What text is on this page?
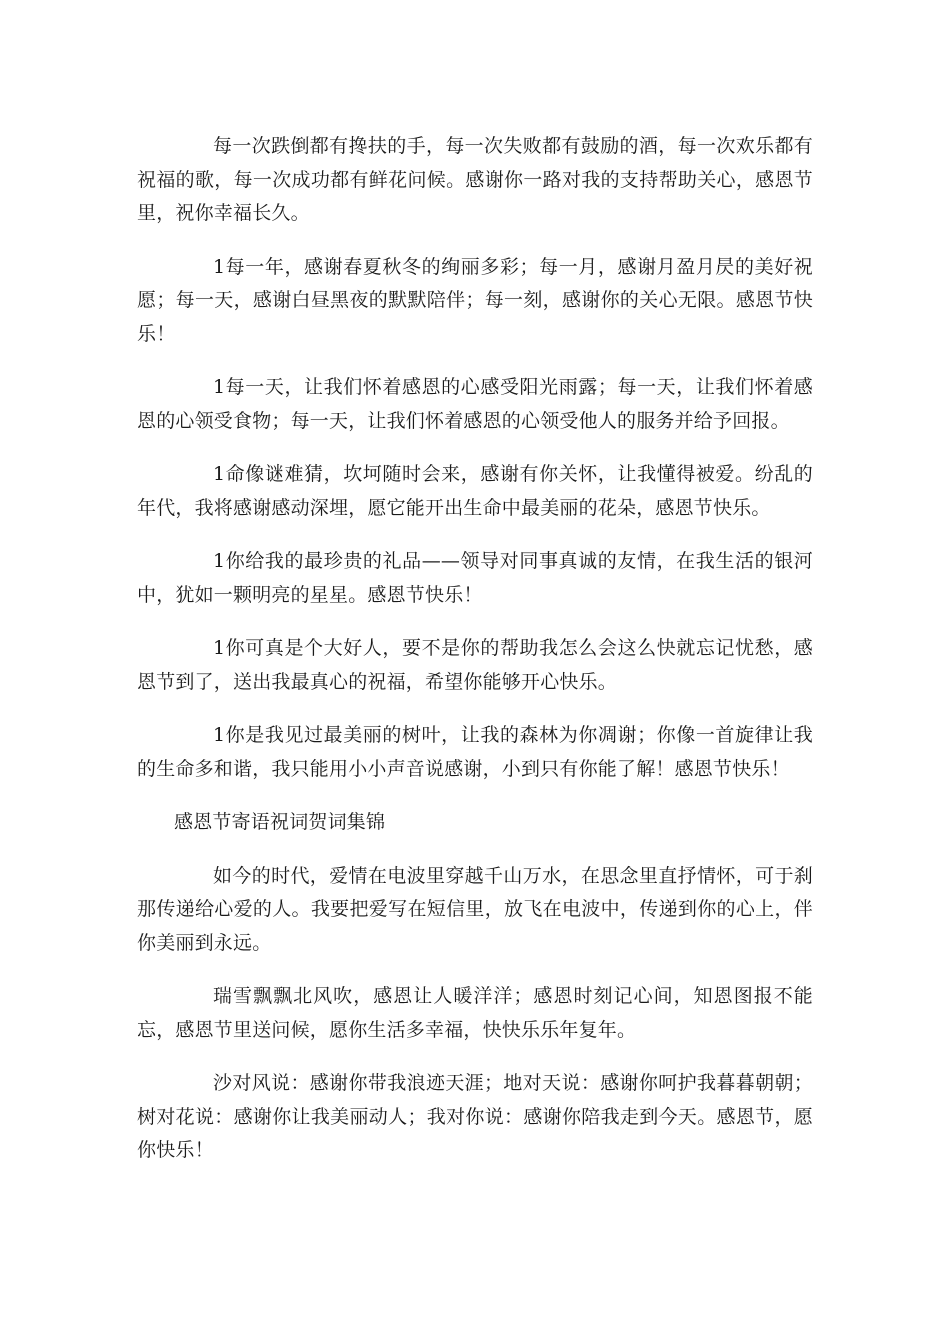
每一次跌倒都有搀扶的手，每一次失败都有鼓励的酒，每一次欢乐都有祝福的歌，每一次成功都有鲜花问候。感谢你一路对我的支持帮助关心，感恩节里，祝你幸福长久。

1每一年，感谢春夏秋冬的绚丽多彩；每一月，感谢月盈月昃的美好祝愿；每一天，感谢白昼黑夜的默默陪伴；每一刻，感谢你的关心无限。感恩节快乐！

1每一天，让我们怀着感恩的心感受阳光雨露；每一天，让我们怀着感恩的心领受食物；每一天，让我们怀着感恩的心领受他人的服务并给予回报。

1命像谜难猜，坎坷随时会来，感谢有你关怀，让我懂得被爱。纷乱的年代，我将感谢感动深埋，愿它能开出生命中最美丽的花朵，感恩节快乐。

1你给我的最珍贵的礼品——领导对同事真诚的友情，在我生活的银河中，犹如一颗明亮的星星。感恩节快乐！

1你可真是个大好人，要不是你的帮助我怎么会这么快就忘记忧愁，感恩节到了，送出我最真心的祝福，希望你能够开心快乐。

1你是我见过最美丽的树叶，让我的森林为你凋谢；你像一首旋律让我的生命多和谐，我只能用小小声音说感谢，小到只有你能了解！感恩节快乐！

感恩节寄语祝词贺词集锦

如今的时代，爱情在电波里穿越千山万水，在思念里直抒情怀，可于刹那传递给心爱的人。我要把爱写在短信里，放飞在电波中，传递到你的心上，伴你美丽到永远。

瑞雪飘飘北风吹，感恩让人暖洋洋；感恩时刻记心间，知恩图报不能忘，感恩节里送问候，愿你生活多幸福，快快乐乐年复年。

沙对风说：感谢你带我浪迹天涯；地对天说：感谢你呵护我暮暮朝朝；树对花说：感谢你让我美丽动人；我对你说：感谢你陪我走到今天。感恩节，愿你快乐！
